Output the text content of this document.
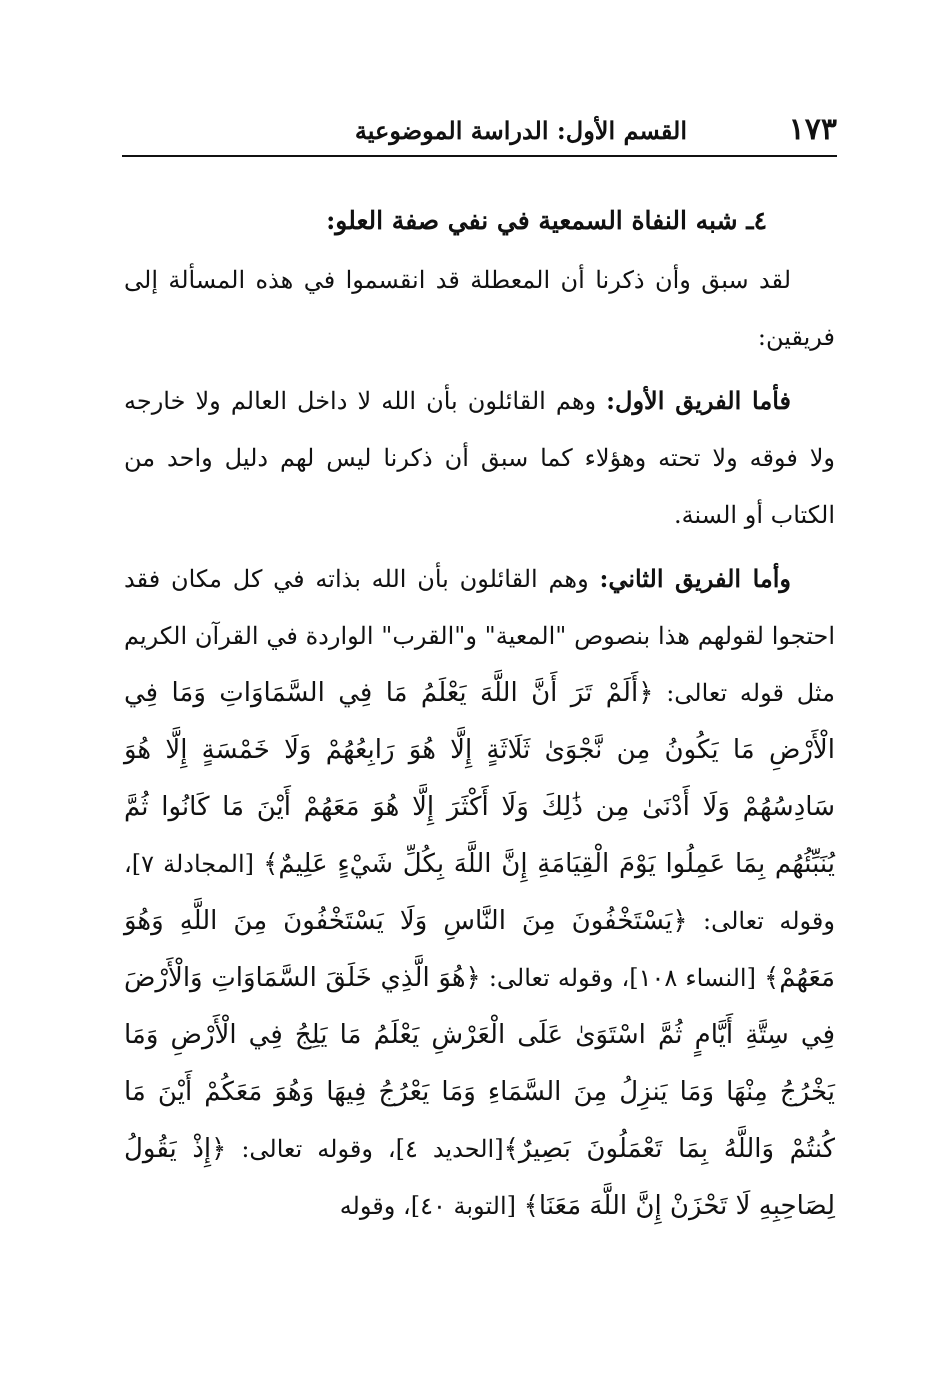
١٧٣
القسم الأول: الدراسة الموضوعية

٤ـ شبه النفاة السمعية في نفي صفة العلو:

لقد سبق وأن ذكرنا أن المعطلة قد انقسموا في هذه المسألة إلى فريقين:

فأما الفريق الأول: وهم القائلون بأن الله لا داخل العالم ولا خارجه ولا فوقه ولا تحته وهؤلاء كما سبق أن ذكرنا ليس لهم دليل واحد من الكتاب أو السنة.

وأما الفريق الثاني: وهم القائلون بأن الله بذاته في كل مكان فقد احتجوا لقولهم هذا بنصوص "المعية" و"القرب" الواردة في القرآن الكريم مثل قوله تعالى: ﴿أَلَمْ تَرَ أَنَّ اللَّهَ يَعْلَمُ مَا فِي السَّمَاوَاتِ وَمَا فِي الْأَرْضِ مَا يَكُونُ مِن نَّجْوَىٰ ثَلَاثَةٍ إِلَّا هُوَ رَابِعُهُمْ وَلَا خَمْسَةٍ إِلَّا هُوَ سَادِسُهُمْ وَلَا أَدْنَىٰ مِن ذَٰلِكَ وَلَا أَكْثَرَ إِلَّا هُوَ مَعَهُمْ أَيْنَ مَا كَانُوا ثُمَّ يُنَبِّئُهُم بِمَا عَمِلُوا يَوْمَ الْقِيَامَةِ إِنَّ اللَّهَ بِكُلِّ شَيْءٍ عَلِيمٌ﴾ [المجادلة ٧]، وقوله تعالى: ﴿يَسْتَخْفُونَ مِنَ النَّاسِ وَلَا يَسْتَخْفُونَ مِنَ اللَّهِ وَهُوَ مَعَهُمْ﴾ [النساء ١٠٨]، وقوله تعالى: ﴿هُوَ الَّذِي خَلَقَ السَّمَاوَاتِ وَالْأَرْضَ فِي سِتَّةِ أَيَّامٍ ثُمَّ اسْتَوَىٰ عَلَى الْعَرْشِ يَعْلَمُ مَا يَلِجُ فِي الْأَرْضِ وَمَا يَخْرُجُ مِنْهَا وَمَا يَنزِلُ مِنَ السَّمَاءِ وَمَا يَعْرُجُ فِيهَا وَهُوَ مَعَكُمْ أَيْنَ مَا كُنتُمْ وَاللَّهُ بِمَا تَعْمَلُونَ بَصِيرٌ﴾[الحديد ٤]، وقوله تعالى: ﴿إِذْ يَقُولُ لِصَاحِبِهِ لَا تَحْزَنْ إِنَّ اللَّهَ مَعَنَا﴾ [التوبة ٤٠]، وقوله
